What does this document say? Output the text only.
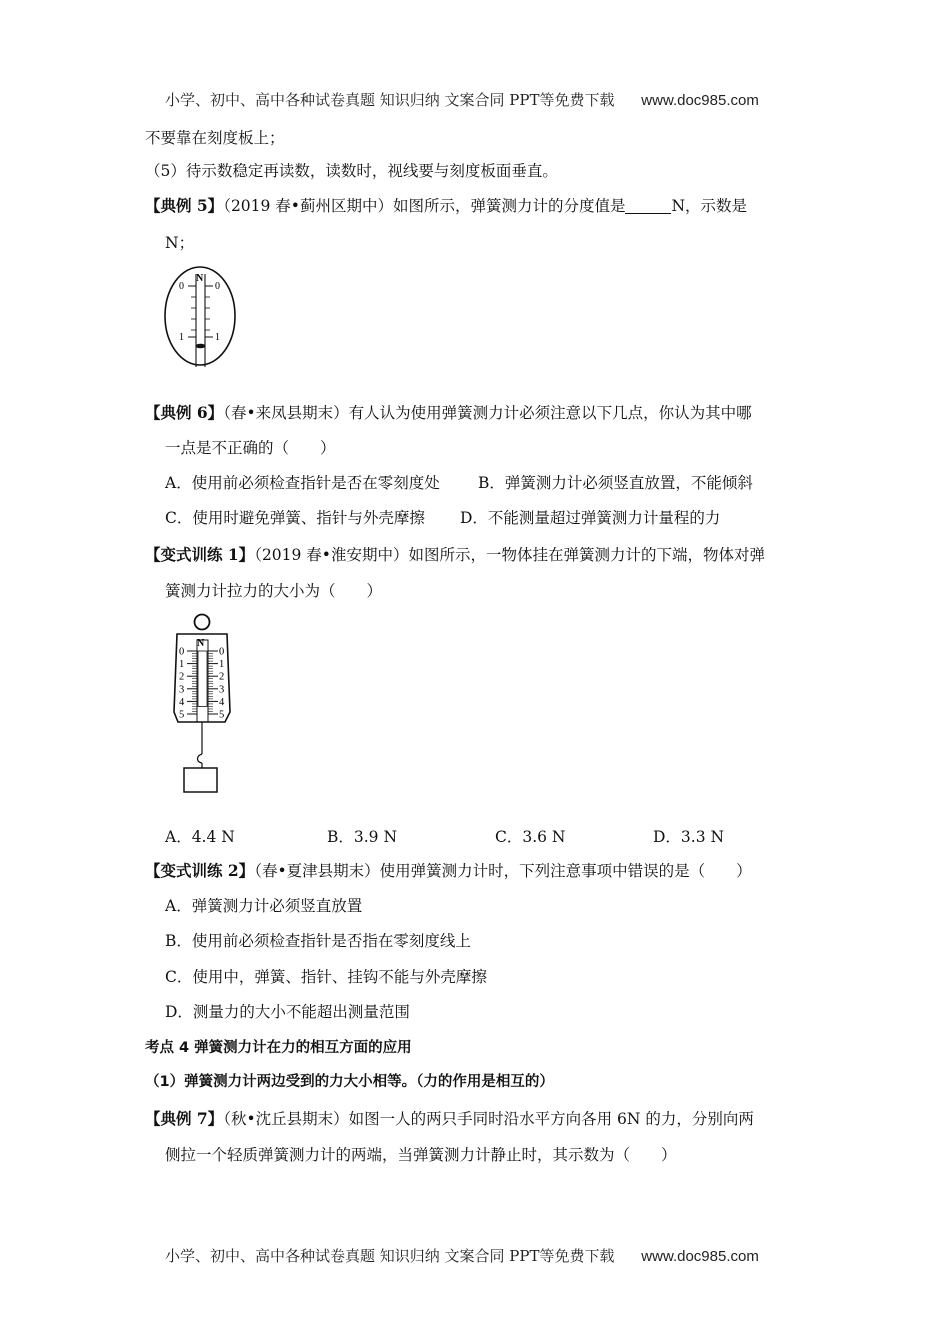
小学、初中、高中各种试卷真题 知识归纳 文案合同 PPT等免费下载 www.doc985.com
不要靠在刻度板上；
（5）待示数稳定再读数，读数时，视线要与刻度板面垂直。
【典例 5】（2019 春•蓟州区期中）如图所示，弹簧测力计的分度值是	N，示数是
N；
N
0	0
1	1
【典例 6】（春•来凤县期末）有人认为使用弹簧测力计必须注意以下几点，你认为其中哪
一点是不正确的（　　）
A．使用前必须检查指针是否在零刻度处 B．弹簧测力计必须竖直放置，不能倾斜
C．使用时避免弹簧、指针与外壳摩擦 D．不能测量超过弹簧测力计量程的力
【变式训练 1】（2019 春•淮安期中）如图所示，一物体挂在弹簧测力计的下端，物体对弹
簧测力计拉力的大小为（　　）
N
0	0
1	1
2	2
3	3
4	4
5	5
A．4.4 N	B．3.9 N	C．3.6 N	D．3.3 N
【变式训练 2】（春•夏津县期末）使用弹簧测力计时，下列注意事项中错误的是（　　）
A．弹簧测力计必须竖直放置
B．使用前必须检查指针是否指在零刻度线上
C．使用中，弹簧、指针、挂钩不能与外壳摩擦
D．测量力的大小不能超出测量范围
考点 4 弹簧测力计在力的相互方面的应用
（1）弹簧测力计两边受到的力大小相等。（力的作用是相互的）
【典例 7】（秋•沈丘县期末）如图一人的两只手同时沿水平方向各用 6N 的力，分别向两
侧拉一个轻质弹簧测力计的两端，当弹簧测力计静止时，其示数为（　　）
小学、初中、高中各种试卷真题 知识归纳 文案合同 PPT等免费下载 www.doc985.com
